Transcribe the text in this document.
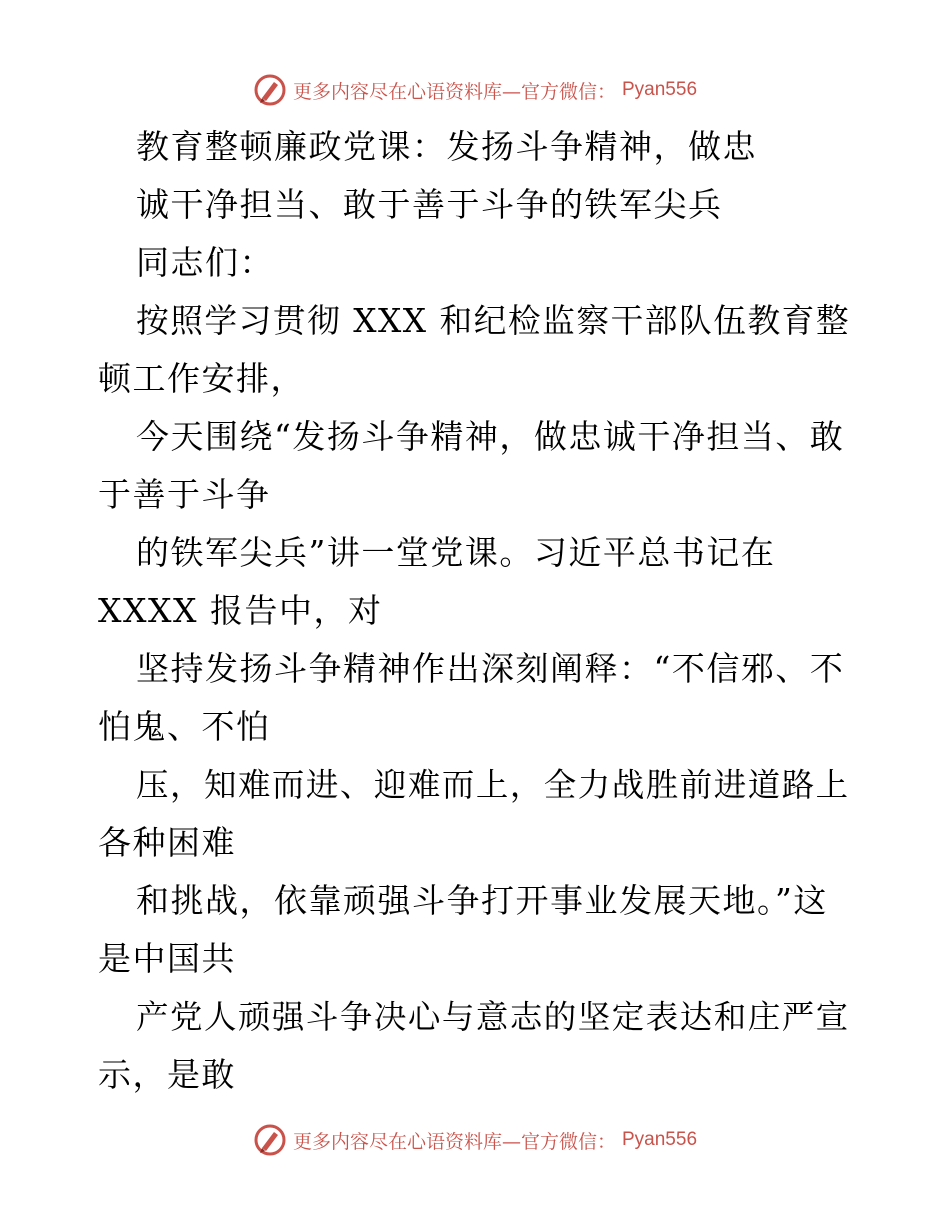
更多内容尽在心语资料库—官方微信： Pyan556
教育整顿廉政党课：发扬斗争精神，做忠
诚干净担当、敢于善于斗争的铁军尖兵
同志们：
按照学习贯彻 XXX 和纪检监察干部队伍教育整
顿工作安排，
今天围绕“发扬斗争精神，做忠诚干净担当、敢
于善于斗争
的铁军尖兵”讲一堂党课。习近平总书记在
XXXX 报告中，对
坚持发扬斗争精神作出深刻阐释：“不信邪、不
怕鬼、不怕
压，知难而进、迎难而上，全力战胜前进道路上
各种困难
和挑战，依靠顽强斗争打开事业发展天地。”这
是中国共
产党人顽强斗争决心与意志的坚定表达和庄严宣
示，是敢
更多内容尽在心语资料库—官方微信： Pyan556
